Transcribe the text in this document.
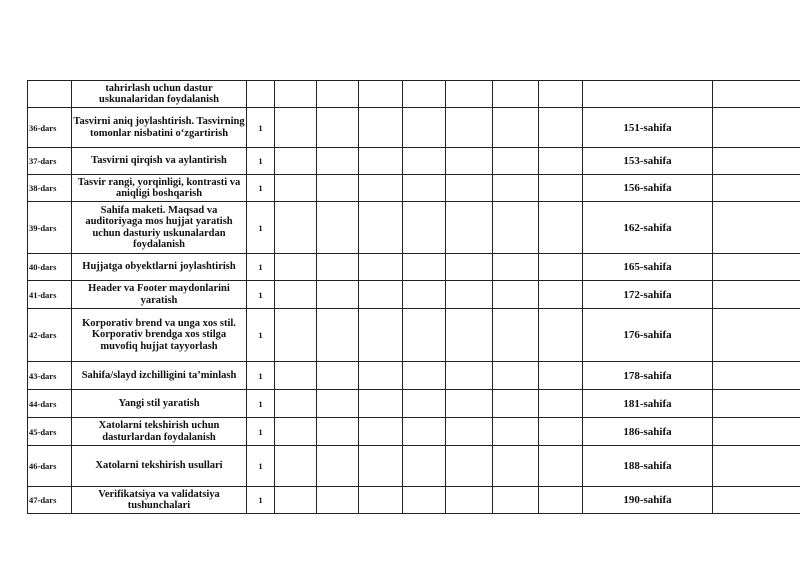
	tahrirlash uchun dastur uskunalaridan foydalanish										
36-dars	Tasvirni aniq joylashtirish. Tasvirning tomonlar nisbatini o‘zgartirish	1								151-sahifa	
37-dars	Tasvirni qirqish va aylantirish	1								153-sahifa	
38-dars	Tasvir rangi, yorqinligi, kontrasti va aniqligi boshqarish	1								156-sahifa	
39-dars	Sahifa maketi. Maqsad va auditoriyaga mos hujjat yaratish uchun dasturiy uskunalardan foydalanish	1								162-sahifa	
40-dars	Hujjatga obyektlarni joylashtirish	1								165-sahifa	
41-dars	Header va Footer maydonlarini yaratish	1								172-sahifa	
42-dars	Korporativ brend va unga xos stil. Korporativ brendga xos stilga muvofiq hujjat tayyorlash	1								176-sahifa	
43-dars	Sahifa/slayd izchilligini ta’minlash	1								178-sahifa	
44-dars	Yangi stil yaratish	1								181-sahifa	
45-dars	Xatolarni tekshirish uchun dasturlardan foydalanish	1								186-sahifa	
46-dars	Xatolarni tekshirish usullari	1								188-sahifa	
47-dars	Verifikatsiya va validatsiya tushunchalari	1								190-sahifa	
